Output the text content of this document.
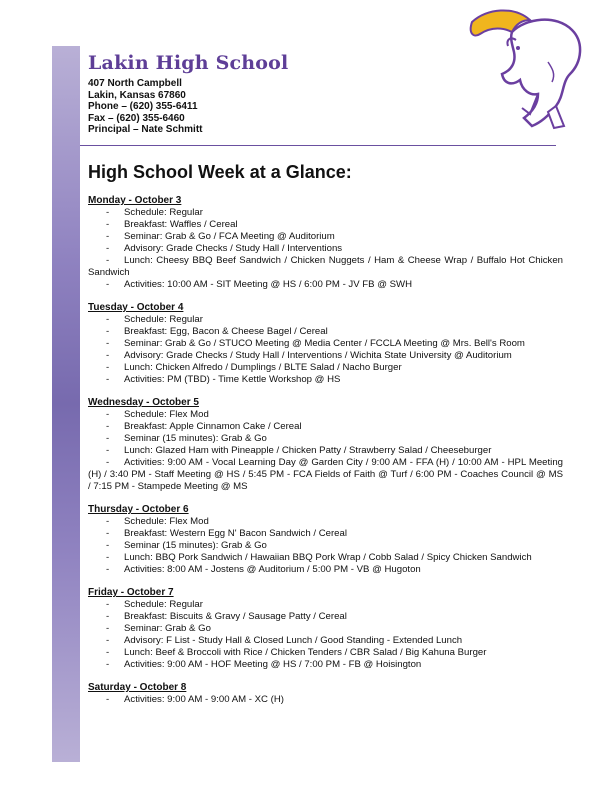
Lakin High School
407 North Campbell
Lakin, Kansas 67860
Phone – (620) 355-6411
Fax – (620) 355-6460
Principal – Nate Schmitt
High School Week at a Glance:
Monday - October 3
- Schedule: Regular
- Breakfast: Waffles / Cereal
- Seminar: Grab & Go / FCA Meeting @ Auditorium
- Advisory: Grade Checks / Study Hall / Interventions
- Lunch: Cheesy BBQ Beef Sandwich / Chicken Nuggets / Ham & Cheese Wrap / Buffalo Hot Chicken Sandwich
- Activities: 10:00 AM - SIT Meeting @ HS / 6:00 PM - JV FB @ SWH
Tuesday - October 4
- Schedule: Regular
- Breakfast: Egg, Bacon & Cheese Bagel / Cereal
- Seminar: Grab & Go / STUCO Meeting @ Media Center / FCCLA Meeting @ Mrs. Bell's Room
- Advisory: Grade Checks / Study Hall / Interventions / Wichita State University @ Auditorium
- Lunch: Chicken Alfredo / Dumplings / BLTE Salad / Nacho Burger
- Activities: PM (TBD) - Time Kettle Workshop @ HS
Wednesday - October 5
- Schedule: Flex Mod
- Breakfast: Apple Cinnamon Cake / Cereal
- Seminar (15 minutes): Grab & Go
- Lunch: Glazed Ham with Pineapple / Chicken Patty / Strawberry Salad / Cheeseburger
- Activities: 9:00 AM - Vocal Learning Day @ Garden City / 9:00 AM - FFA (H) / 10:00 AM - HPL Meeting (H) / 3:40 PM - Staff Meeting @ HS / 5:45 PM - FCA Fields of Faith @ Turf / 6:00 PM - Coaches Council @ MS / 7:15 PM - Stampede Meeting @ MS
Thursday - October 6
- Schedule: Flex Mod
- Breakfast: Western Egg N' Bacon Sandwich / Cereal
- Seminar (15 minutes): Grab & Go
- Lunch: BBQ Pork Sandwich / Hawaiian BBQ Pork Wrap / Cobb Salad / Spicy Chicken Sandwich
- Activities: 8:00 AM - Jostens @ Auditorium / 5:00 PM - VB @ Hugoton
Friday - October 7
- Schedule: Regular
- Breakfast: Biscuits & Gravy / Sausage Patty / Cereal
- Seminar: Grab & Go
- Advisory: F List - Study Hall & Closed Lunch / Good Standing - Extended Lunch
- Lunch: Beef & Broccoli with Rice / Chicken Tenders / CBR Salad / Big Kahuna Burger
- Activities: 9:00 AM - HOF Meeting @ HS / 7:00 PM - FB @ Hoisington
Saturday - October 8
- Activities: 9:00 AM - 9:00 AM - XC (H)
